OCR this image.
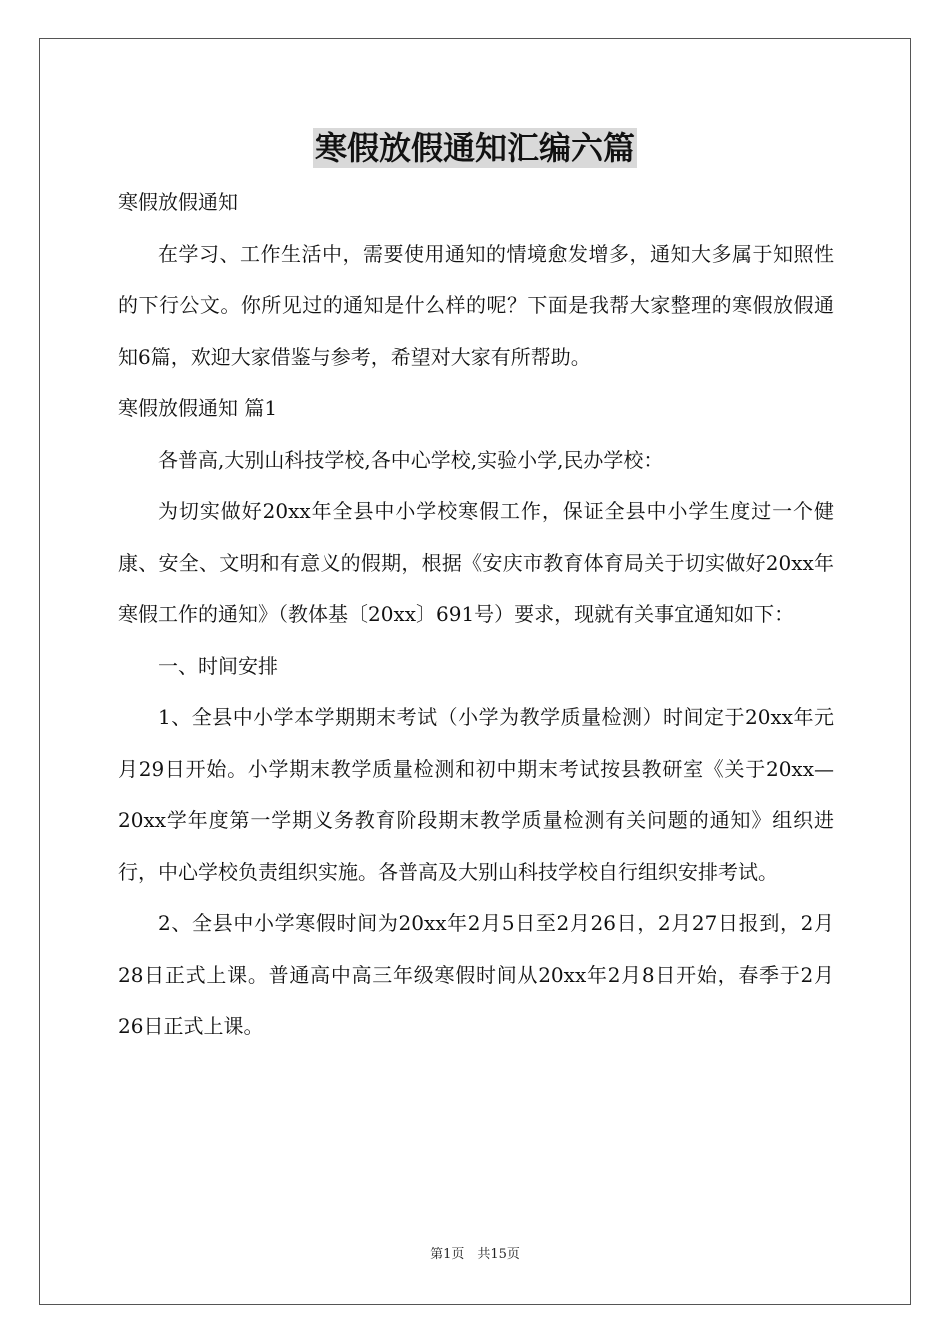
寒假放假通知汇编六篇

寒假放假通知

在学习、工作生活中，需要使用通知的情境愈发增多，通知大多属于知照性的下行公文。你所见过的通知是什么样的呢？下面是我帮大家整理的寒假放假通知6篇，欢迎大家借鉴与参考，希望对大家有所帮助。

寒假放假通知 篇1

各普高,大别山科技学校,各中心学校,实验小学,民办学校：

为切实做好20xx年全县中小学校寒假工作，保证全县中小学生度过一个健康、安全、文明和有意义的假期，根据《安庆市教育体育局关于切实做好20xx年寒假工作的通知》（教体基〔20xx〕691号）要求，现就有关事宜通知如下：

一、时间安排

1、全县中小学本学期期末考试（小学为教学质量检测）时间定于20xx年元月29日开始。小学期末教学质量检测和初中期末考试按县教研室《关于20xx—20xx学年度第一学期义务教育阶段期末教学质量检测有关问题的通知》组织进行，中心学校负责组织实施。各普高及大别山科技学校自行组织安排考试。

2、全县中小学寒假时间为20xx年2月5日至2月26日，2月27日报到，2月28日正式上课。普通高中高三年级寒假时间从20xx年2月8日开始，春季于2月26日正式上课。

第1页　共15页
